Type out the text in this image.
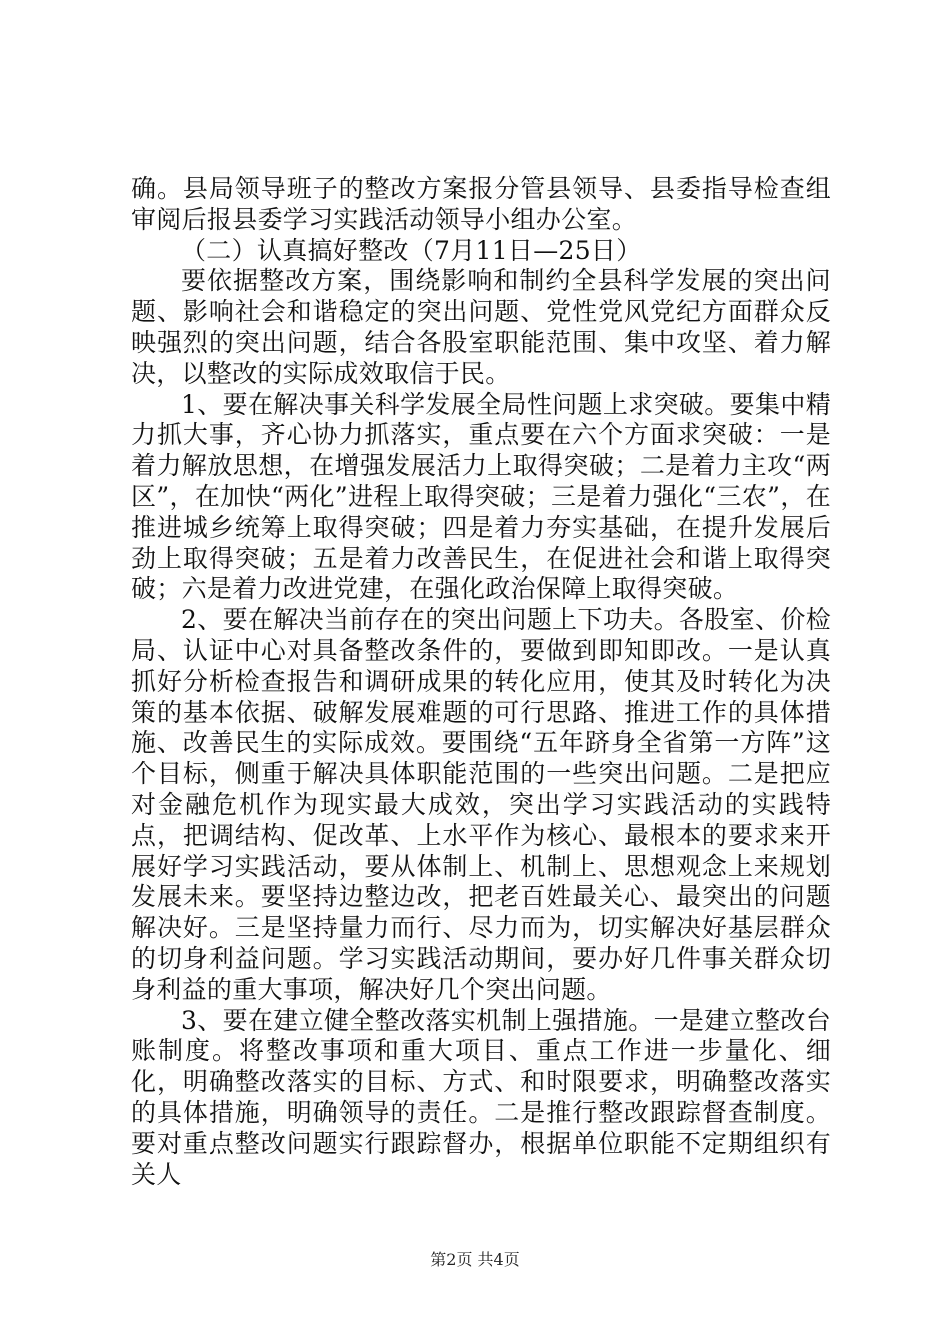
确。县局领导班子的整改方案报分管县领导、县委指导检查组审阅后报县委学习实践活动领导小组办公室。

（二）认真搞好整改（7月11日—25日）

要依据整改方案，围绕影响和制约全县科学发展的突出问题、影响社会和谐稳定的突出问题、党性党风党纪方面群众反映强烈的突出问题，结合各股室职能范围、集中攻坚、着力解决，以整改的实际成效取信于民。

1、要在解决事关科学发展全局性问题上求突破。要集中精力抓大事，齐心协力抓落实，重点要在六个方面求突破：一是着力解放思想，在增强发展活力上取得突破；二是着力主攻“两区”，在加快“两化”进程上取得突破；三是着力强化“三农”，在推进城乡统筹上取得突破；四是着力夯实基础，在提升发展后劲上取得突破；五是着力改善民生，在促进社会和谐上取得突破；六是着力改进党建，在强化政治保障上取得突破。

2、要在解决当前存在的突出问题上下功夫。各股室、价检局、认证中心对具备整改条件的，要做到即知即改。一是认真抓好分析检查报告和调研成果的转化应用，使其及时转化为决策的基本依据、破解发展难题的可行思路、推进工作的具体措施、改善民生的实际成效。要围绕“五年跻身全省第一方阵”这个目标，侧重于解决具体职能范围的一些突出问题。二是把应对金融危机作为现实最大成效，突出学习实践活动的实践特点，把调结构、促改革、上水平作为核心、最根本的要求来开展好学习实践活动，要从体制上、机制上、思想观念上来规划发展未来。要坚持边整边改，把老百姓最关心、最突出的问题解决好。三是坚持量力而行、尽力而为，切实解决好基层群众的切身利益问题。学习实践活动期间，要办好几件事关群众切身利益的重大事项，解决好几个突出问题。

3、要在建立健全整改落实机制上强措施。一是建立整改台账制度。将整改事项和重大项目、重点工作进一步量化、细化，明确整改落实的目标、方式、和时限要求，明确整改落实的具体措施，明确领导的责任。二是推行整改跟踪督查制度。要对重点整改问题实行跟踪督办，根据单位职能不定期组织有关人

第2页 共4页
